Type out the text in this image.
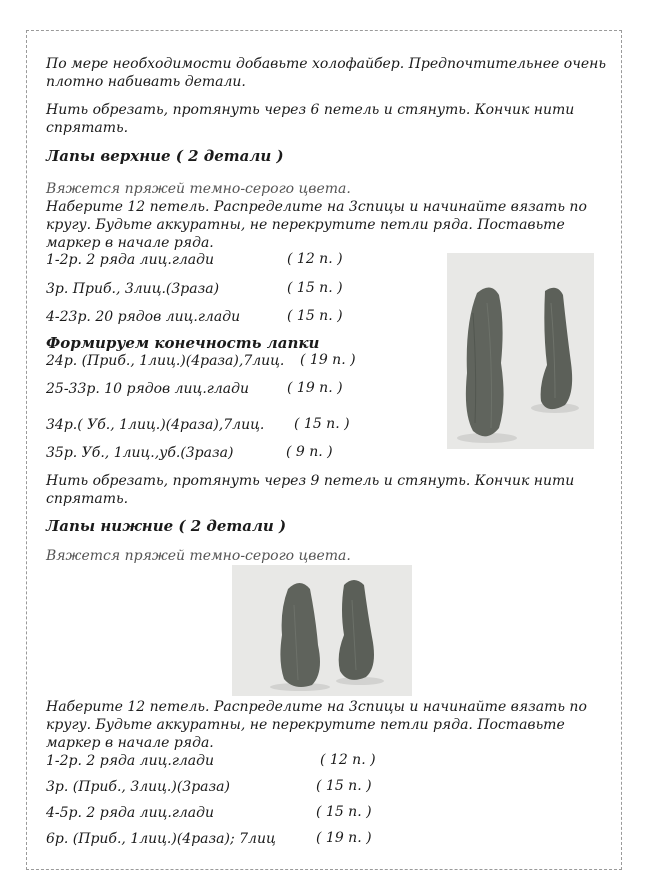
По мере необходимости добавьте холофайбер. Предпочтительнее очень
плотно набивать детали.
Нить обрезать, протянуть через 6 петель и стянуть. Кончик нити
спрятать.
Лапы верхние ( 2 детали )
Вяжется пряжей темно-серого цвета.
Наберите 12 петель. Распределите на 3спицы и начинайте вязать по
кругу. Будьте аккуратны, не перекрутите петли ряда. Поставьте
маркер в начале ряда.
1-2р. 2 ряда лиц.глади	( 12 п. )
3р. Приб., 3лиц.(3раза)	( 15 п. )
4-23р. 20 рядов лиц.глади	( 15 п. )
Формируем конечность лапки
24р. (Приб., 1лиц.)(4раза),7лиц. ( 19 п. )
25-33р. 10 рядов лиц.глади	( 19 п. )
34р.( Уб., 1лиц.)(4раза),7лиц. ( 15 п. )
35р. Уб., 1лиц.,уб.(3раза)	( 9 п. )
Нить обрезать, протянуть через 9 петель и стянуть. Кончик нити
спрятать.
Лапы нижние ( 2 детали )
Вяжется пряжей темно-серого цвета.
Наберите 12 петель. Распределите на 3спицы и начинайте вязать по
кругу. Будьте аккуратны, не перекрутите петли ряда. Поставьте
маркер в начале ряда.
1-2р. 2 ряда лиц.глади	( 12 п. )
3р. (Приб., 3лиц.)(3раза)	( 15 п. )
4-5р. 2 ряда лиц.глади	( 15 п. )
6р. (Приб., 1лиц.)(4раза); 7лиц	( 19 п. )
